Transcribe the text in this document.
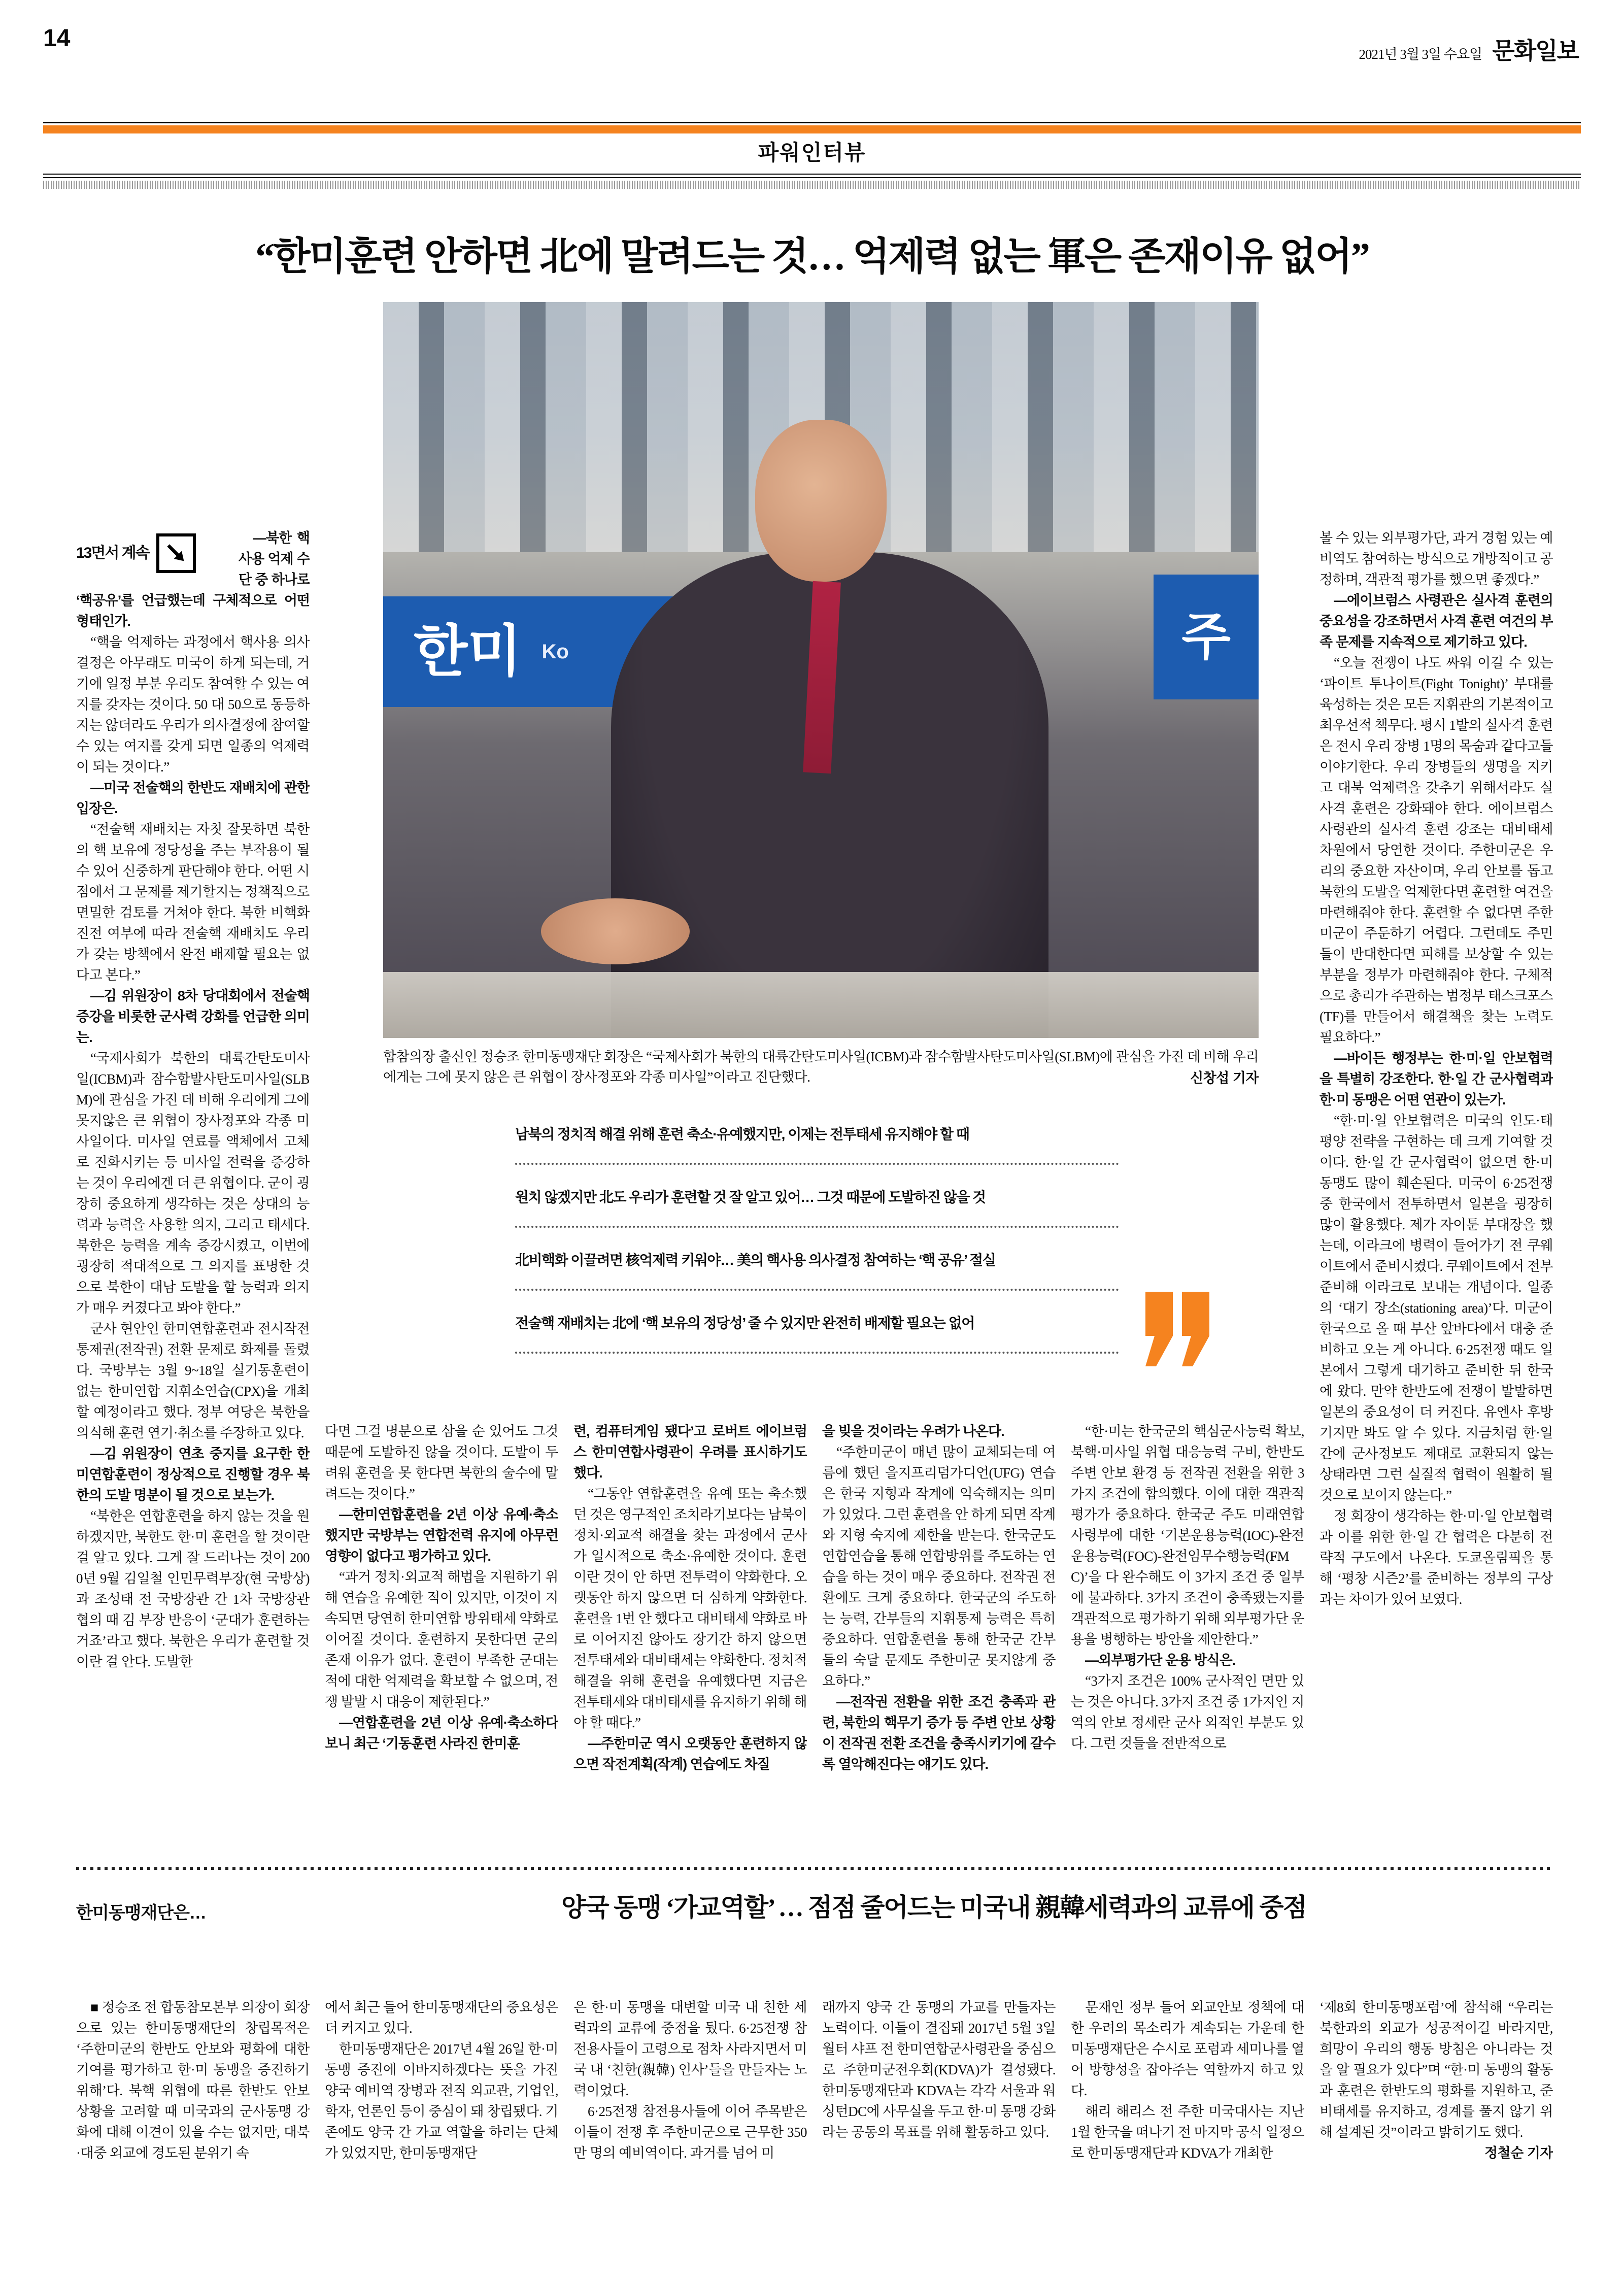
14
2021년 3월 3일 수요일 문화일보
파워인터뷰
“한미훈련 안하면 北에 말려드는 것… 억제력 없는 軍은 존재이유 없어”
한미 Ko	주
합참의장 출신인 정승조 한미동맹재단 회장은 “국제사회가 북한의 대륙간탄도미사일(ICBM)과 잠수함발사탄도미사일(SLBM)에 관심을 가진 데 비해 우리에게는 그에 못지 않은 큰 위협이 장사정포와 각종 미사일”이라고 진단했다.	신창섭 기자
남북의 정치적 해결 위해 훈련 축소·유예했지만, 이제는 전투태세 유지해야 할 때
원치 않겠지만 北도 우리가 훈련할 것 잘 알고 있어… 그것 때문에 도발하진 않을 것
北비핵화 이끌려면 核억제력 키워야… 美의 핵사용 의사결정 참여하는 ‘핵 공유’ 절실
전술핵 재배치는 北에 ‘핵 보유의 정당성’ 줄 수 있지만 완전히 배제할 필요는 없어
13면서 계속

—북한 핵사용 억제 수단 중 하나로 ‘핵공유’를 언급했는데 구체적으로 어떤 형태인가.

“핵을 억제하는 과정에서 핵사용 의사결정은 아무래도 미국이 하게 되는데, 거기에 일정 부분 우리도 참여할 수 있는 여지를 갖자는 것이다. 50 대 50으로 동등하지는 않더라도 우리가 의사결정에 참여할 수 있는 여지를 갖게 되면 일종의 억제력이 되는 것이다.”

—미국 전술핵의 한반도 재배치에 관한 입장은.

“전술핵 재배치는 자칫 잘못하면 북한의 핵 보유에 정당성을 주는 부작용이 될 수 있어 신중하게 판단해야 한다. 어떤 시점에서 그 문제를 제기할지는 정책적으로 면밀한 검토를 거쳐야 한다. 북한 비핵화 진전 여부에 따라 전술핵 재배치도 우리가 갖는 방책에서 완전 배제할 필요는 없다고 본다.”

—김 위원장이 8차 당대회에서 전술핵 증강을 비롯한 군사력 강화를 언급한 의미는.

“국제사회가 북한의 대륙간탄도미사일(ICBM)과 잠수함발사탄도미사일(SLBM)에 관심을 가진 데 비해 우리에게 그에 못지않은 큰 위협이 장사정포와 각종 미사일이다. 미사일 연료를 액체에서 고체로 진화시키는 등 미사일 전력을 증강하는 것이 우리에겐 더 큰 위협이다. 군이 굉장히 중요하게 생각하는 것은 상대의 능력과 능력을 사용할 의지, 그리고 태세다. 북한은 능력을 계속 증강시켰고, 이번에 굉장히 적대적으로 그 의지를 표명한 것으로 북한이 대남 도발을 할 능력과 의지가 매우 커졌다고 봐야 한다.”

군사 현안인 한미연합훈련과 전시작전통제권(전작권) 전환 문제로 화제를 돌렸다. 국방부는 3월 9~18일 실기동훈련이 없는 한미연합 지휘소연습(CPX)을 개최할 예정이라고 했다. 정부 여당은 북한을 의식해 훈련 연기·취소를 주장하고 있다.

—김 위원장이 연초 중지를 요구한 한미연합훈련이 정상적으로 진행할 경우 북한의 도발 명분이 될 것으로 보는가.

“북한은 연합훈련을 하지 않는 것을 원하겠지만, 북한도 한·미 훈련을 할 것이란 걸 알고 있다. 그게 잘 드러나는 것이 2000년 9월 김일철 인민무력부장(현 국방상)과 조성태 전 국방장관 간 1차 국방장관 협의 때 김 부장 반응이 ‘군대가 훈련하는 거죠’라고 했다. 북한은 우리가 훈련할 것이란 걸 안다. 도발한

다면 그걸 명분으로 삼을 순 있어도 그것 때문에 도발하진 않을 것이다. 도발이 두려워 훈련을 못 한다면 북한의 술수에 말려드는 것이다.”

—한미연합훈련을 2년 이상 유예·축소했지만 국방부는 연합전력 유지에 아무런 영향이 없다고 평가하고 있다.

“과거 정치·외교적 해법을 지원하기 위해 연습을 유예한 적이 있지만, 이것이 지속되면 당연히 한미연합 방위태세 약화로 이어질 것이다. 훈련하지 못한다면 군의 존재 이유가 없다. 훈련이 부족한 군대는 적에 대한 억제력을 확보할 수 없으며, 전쟁 발발 시 대응이 제한된다.”

—연합훈련을 2년 이상 유예·축소하다 보니 최근 ‘기동훈련 사라진 한미훈

련, 컴퓨터게임 됐다’고 로버트 에이브럼스 한미연합사령관이 우려를 표시하기도 했다.

“그동안 연합훈련을 유예 또는 축소했던 것은 영구적인 조치라기보다는 남북이 정치·외교적 해결을 찾는 과정에서 군사가 일시적으로 축소·유예한 것이다. 훈련이란 것이 안 하면 전투력이 약화한다. 오랫동안 하지 않으면 더 심하게 약화한다. 훈련을 1번 안 했다고 대비태세 약화로 바로 이어지진 않아도 장기간 하지 않으면 전투태세와 대비태세는 약화한다. 정치적 해결을 위해 훈련을 유예했다면 지금은 전투태세와 대비태세를 유지하기 위해 해야 할 때다.”

—주한미군 역시 오랫동안 훈련하지 않으면 작전계획(작계) 연습에도 차질

을 빚을 것이라는 우려가 나온다.

“주한미군이 매년 많이 교체되는데 여름에 했던 을지프리덤가디언(UFG) 연습은 한국 지형과 작계에 익숙해지는 의미가 있었다. 그런 훈련을 안 하게 되면 작계와 지형 숙지에 제한을 받는다. 한국군도 연합연습을 통해 연합방위를 주도하는 연습을 하는 것이 매우 중요하다. 전작권 전환에도 크게 중요하다. 한국군의 주도하는 능력, 간부들의 지휘통제 능력은 특히 중요하다. 연합훈련을 통해 한국군 간부들의 숙달 문제도 주한미군 못지않게 중요하다.”

—전작권 전환을 위한 조건 충족과 관련, 북한의 핵무기 증가 등 주변 안보 상황이 전작권 전환 조건을 충족시키기에 갈수록 열악해진다는 얘기도 있다.

“한·미는 한국군의 핵심군사능력 확보, 북핵·미사일 위협 대응능력 구비, 한반도 주변 안보 환경 등 전작권 전환을 위한 3가지 조건에 합의했다. 이에 대한 객관적 평가가 중요하다. 한국군 주도 미래연합사령부에 대한 ‘기본운용능력(IOC)-완전운용능력(FOC)-완전임무수행능력(FMC)’을 다 완수해도 이 3가지 조건 중 일부에 불과하다. 3가지 조건이 충족됐는지를 객관적으로 평가하기 위해 외부평가단 운용을 병행하는 방안을 제안한다.”

—외부평가단 운용 방식은.

“3가지 조건은 100% 군사적인 면만 있는 것은 아니다. 3가지 조건 중 1가지인 지역의 안보 정세란 군사 외적인 부분도 있다. 그런 것들을 전반적으로

볼 수 있는 외부평가단, 과거 경험 있는 예비역도 참여하는 방식으로 개방적이고 공정하며, 객관적 평가를 했으면 좋겠다.”

—에이브럼스 사령관은 실사격 훈련의 중요성을 강조하면서 사격 훈련 여건의 부족 문제를 지속적으로 제기하고 있다.

“오늘 전쟁이 나도 싸워 이길 수 있는 ‘파이트 투나이트(Fight Tonight)’ 부대를 육성하는 것은 모든 지휘관의 기본적이고 최우선적 책무다. 평시 1발의 실사격 훈련은 전시 우리 장병 1명의 목숨과 같다고들 이야기한다. 우리 장병들의 생명을 지키고 대북 억제력을 갖추기 위해서라도 실사격 훈련은 강화돼야 한다. 에이브럼스 사령관의 실사격 훈련 강조는 대비태세 차원에서 당연한 것이다. 주한미군은 우리의 중요한 자산이며, 우리 안보를 돕고 북한의 도발을 억제한다면 훈련할 여건을 마련해줘야 한다. 훈련할 수 없다면 주한미군이 주둔하기 어렵다. 그런데도 주민들이 반대한다면 피해를 보상할 수 있는 부분을 정부가 마련해줘야 한다. 구체적으로 총리가 주관하는 범정부 태스크포스(TF)를 만들어서 해결책을 찾는 노력도 필요하다.”

—바이든 행정부는 한·미·일 안보협력을 특별히 강조한다. 한·일 간 군사협력과 한·미 동맹은 어떤 연관이 있는가.

“한·미·일 안보협력은 미국의 인도·태평양 전략을 구현하는 데 크게 기여할 것이다. 한·일 간 군사협력이 없으면 한·미 동맹도 많이 훼손된다. 미국이 6·25전쟁 중 한국에서 전투하면서 일본을 굉장히 많이 활용했다. 제가 자이툰 부대장을 했는데, 이라크에 병력이 들어가기 전 쿠웨이트에서 준비시켰다. 쿠웨이트에서 전부 준비해 이라크로 보내는 개념이다. 일종의 ‘대기 장소(stationing area)’다. 미군이 한국으로 올 때 부산 앞바다에서 대충 준비하고 오는 게 아니다. 6·25전쟁 때도 일본에서 그렇게 대기하고 준비한 뒤 한국에 왔다. 만약 한반도에 전쟁이 발발하면 일본의 중요성이 더 커진다. 유엔사 후방기지만 봐도 알 수 있다. 지금처럼 한·일 간에 군사정보도 제대로 교환되지 않는 상태라면 그런 실질적 협력이 원활히 될 것으로 보이지 않는다.”

정 회장이 생각하는 한·미·일 안보협력과 이를 위한 한·일 간 협력은 다분히 전략적 구도에서 나온다. 도쿄올림픽을 통해 ‘평창 시즌2’를 준비하는 정부의 구상과는 차이가 있어 보였다.

한미동맹재단은…	양국 동맹 ‘가교역할’ … 점점 줄어드는 미국내 親韓세력과의 교류에 중점

■ 정승조 전 합동참모본부 의장이 회장으로 있는 한미동맹재단의 창립목적은 ‘주한미군의 한반도 안보와 평화에 대한 기여를 평가하고 한·미 동맹을 증진하기 위해’다. 북핵 위협에 따른 한반도 안보 상황을 고려할 때 미국과의 군사동맹 강화에 대해 이견이 있을 수는 없지만, 대북·대중 외교에 경도된 분위기 속

에서 최근 들어 한미동맹재단의 중요성은 더 커지고 있다.

한미동맹재단은 2017년 4월 26일 한·미 동맹 증진에 이바지하겠다는 뜻을 가진 양국 예비역 장병과 전직 외교관, 기업인, 학자, 언론인 등이 중심이 돼 창립됐다. 기존에도 양국 간 가교 역할을 하려는 단체가 있었지만, 한미동맹재단

은 한·미 동맹을 대변할 미국 내 친한 세력과의 교류에 중점을 뒀다. 6·25전쟁 참전용사들이 고령으로 점차 사라지면서 미국 내 ‘친한(親韓) 인사’들을 만들자는 노력이었다.

6·25전쟁 참전용사들에 이어 주목받은 이들이 전쟁 후 주한미군으로 근무한 350만 명의 예비역이다. 과거를 넘어 미

래까지 양국 간 동맹의 가교를 만들자는 노력이다. 이들이 결집돼 2017년 5월 3일 월터 샤프 전 한미연합군사령관을 중심으로 주한미군전우회(KDVA)가 결성됐다. 한미동맹재단과 KDVA는 각각 서울과 워싱턴DC에 사무실을 두고 한·미 동맹 강화라는 공동의 목표를 위해 활동하고 있다.

문재인 정부 들어 외교안보 정책에 대한 우려의 목소리가 계속되는 가운데 한미동맹재단은 수시로 포럼과 세미나를 열어 방향성을 잡아주는 역할까지 하고 있다.

해리 해리스 전 주한 미국대사는 지난 1월 한국을 떠나기 전 마지막 공식 일정으로 한미동맹재단과 KDVA가 개최한

‘제8회 한미동맹포럼’에 참석해 “우리는 북한과의 외교가 성공적이길 바라지만, 희망이 우리의 행동 방침은 아니라는 것을 알 필요가 있다”며 “한·미 동맹의 활동과 훈련은 한반도의 평화를 지원하고, 준비태세를 유지하고, 경계를 풀지 않기 위해 설계된 것”이라고 밝히기도 했다.

정철순 기자
